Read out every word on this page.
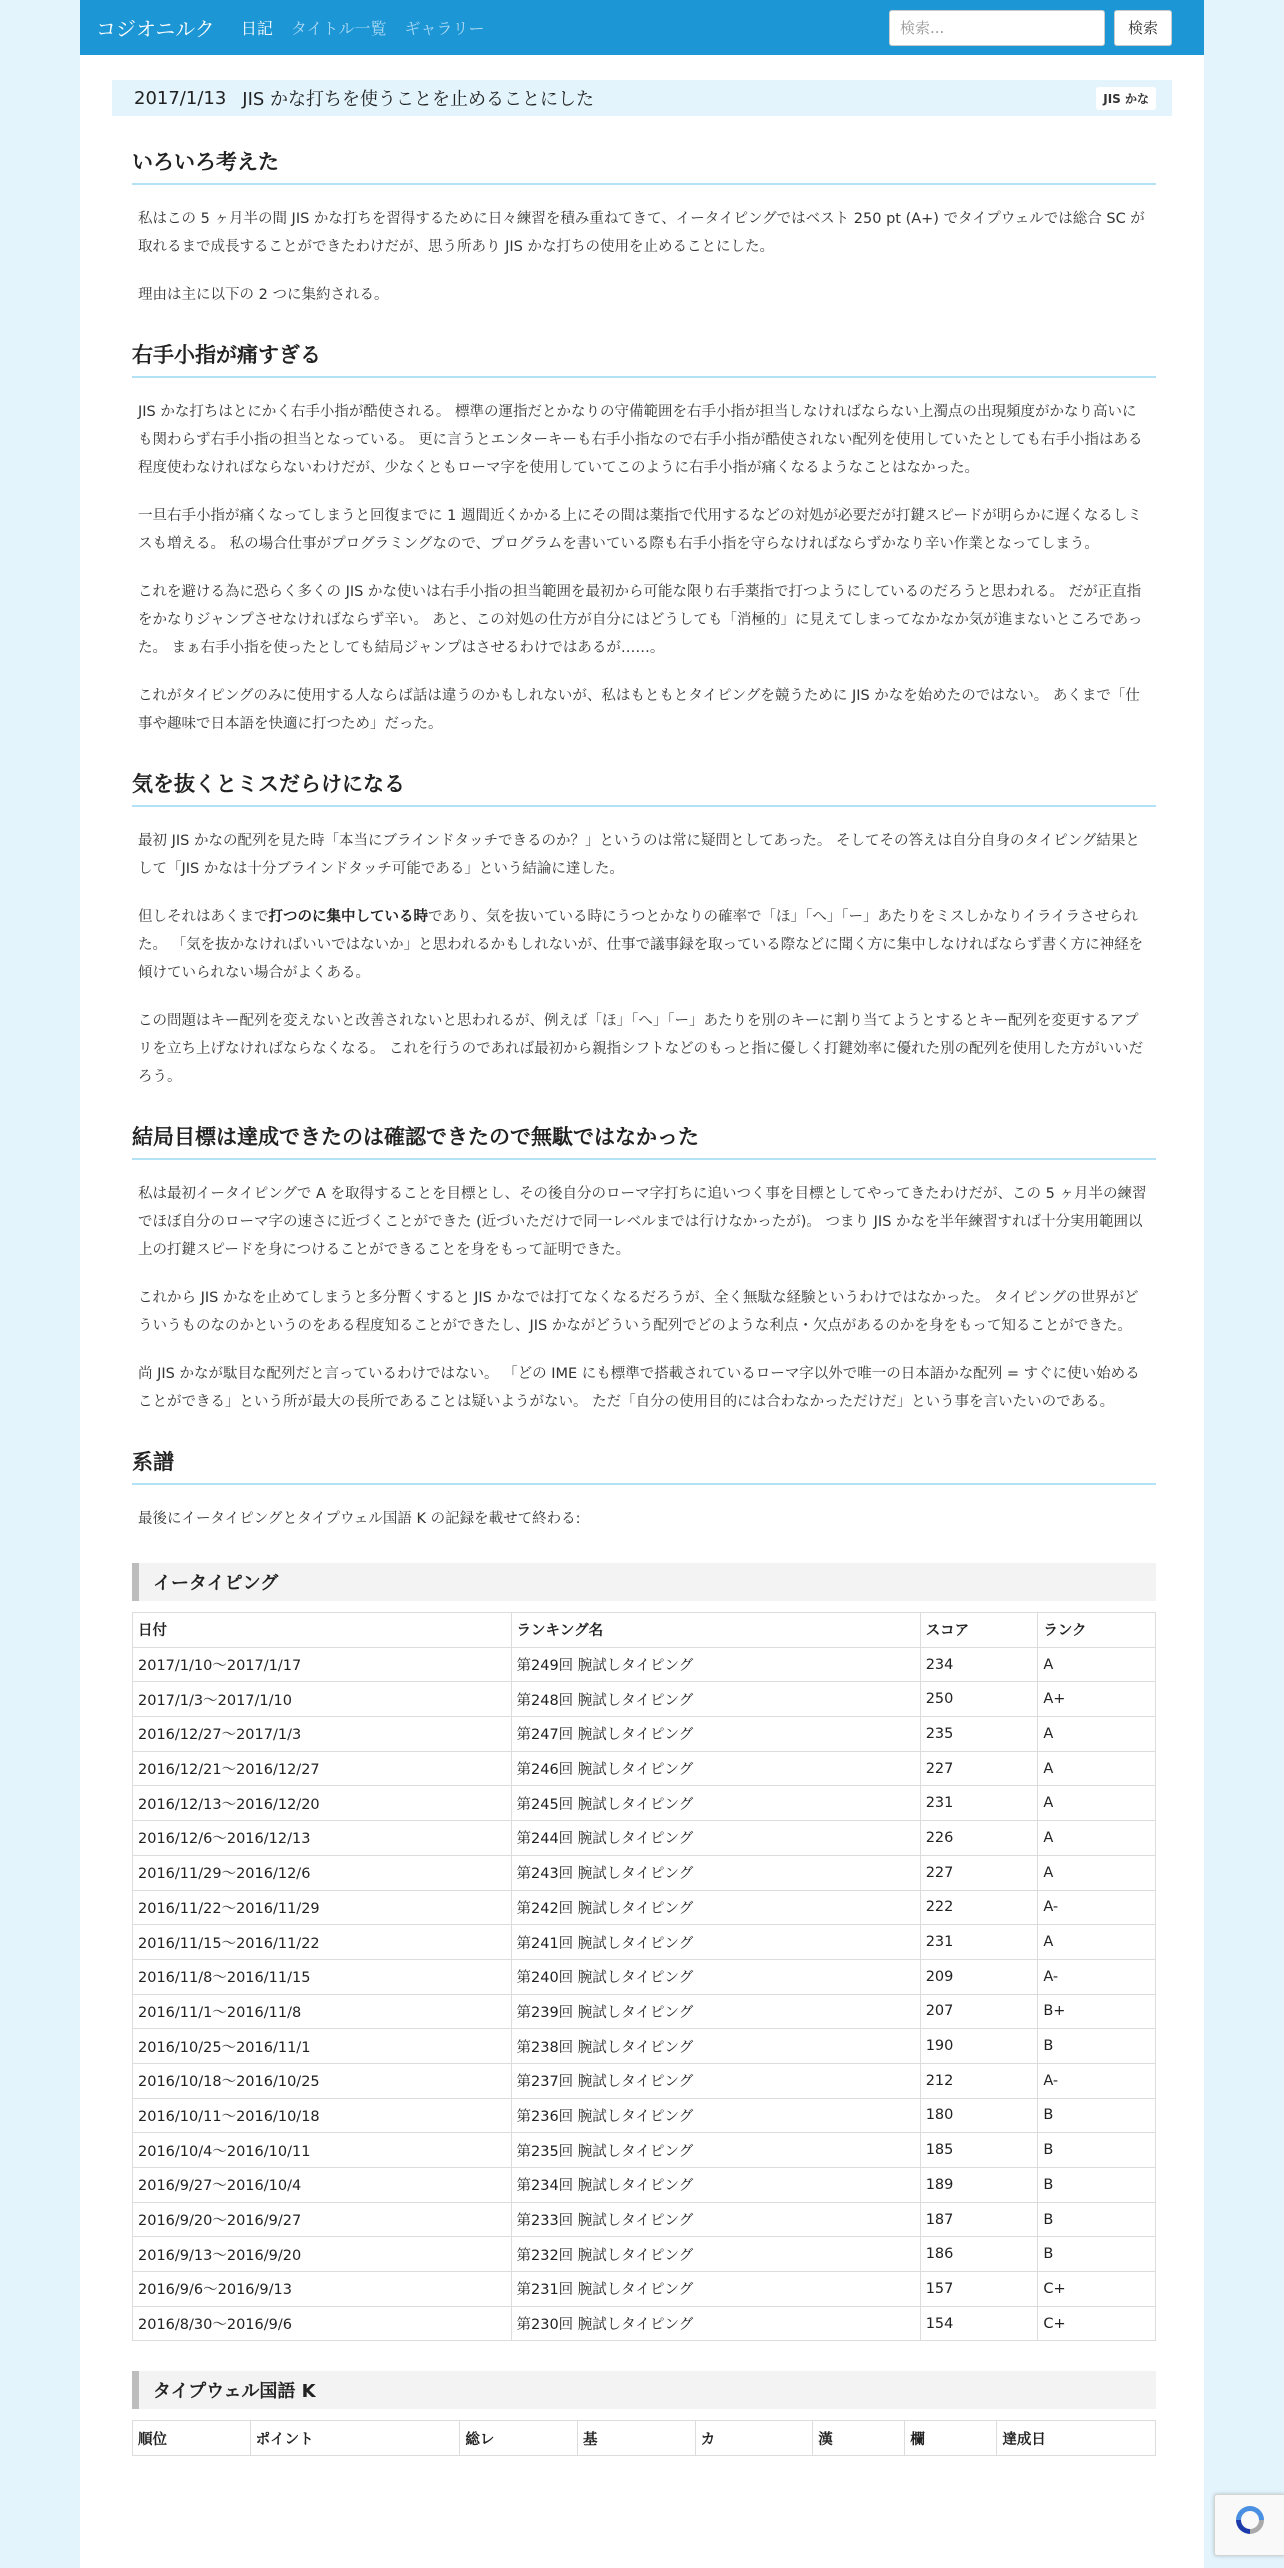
コジオニルク 日記 タイトル一覧 ギャラリー
検索...	検索
2017/1/13 JIS かな打ちを使うことを止めることにした	JIS かな
いろいろ考えた

私はこの 5 ヶ月半の間 JIS かな打ちを習得するために日々練習を積み重ねてきて、イータイピングではベスト 250 pt (A+) でタイプウェルでは総合 SC が取れるまで成長することができたわけだが、思う所あり JIS かな打ちの使用を止めることにした。

理由は主に以下の 2 つに集約される。

右手小指が痛すぎる

JIS かな打ちはとにかく右手小指が酷使される。 標準の運指だとかなりの守備範囲を右手小指が担当しなければならない上濁点の出現頻度がかなり高いにも関わらず右手小指の担当となっている。 更に言うとエンターキーも右手小指なので右手小指が酷使されない配列を使用していたとしても右手小指はある程度使わなければならないわけだが、少なくともローマ字を使用していてこのように右手小指が痛くなるようなことはなかった。

一旦右手小指が痛くなってしまうと回復までに 1 週間近くかかる上にその間は薬指で代用するなどの対処が必要だが打鍵スピードが明らかに遅くなるしミスも増える。 私の場合仕事がプログラミングなので、プログラムを書いている際も右手小指を守らなければならずかなり辛い作業となってしまう。

これを避ける為に恐らく多くの JIS かな使いは右手小指の担当範囲を最初から可能な限り右手薬指で打つようにしているのだろうと思われる。 だが正直指をかなりジャンプさせなければならず辛い。 あと、この対処の仕方が自分にはどうしても「消極的」に見えてしまってなかなか気が進まないところであった。 まぁ右手小指を使ったとしても結局ジャンプはさせるわけではあるが……。

これがタイピングのみに使用する人ならば話は違うのかもしれないが、私はもともとタイピングを競うために JIS かなを始めたのではない。 あくまで「仕事や趣味で日本語を快適に打つため」だった。

気を抜くとミスだらけになる

最初 JIS かなの配列を見た時「本当にブラインドタッチできるのか？」というのは常に疑問としてあった。 そしてその答えは自分自身のタイピング結果として「JIS かなは十分ブラインドタッチ可能である」という結論に達した。

但しそれはあくまで打つのに集中している時であり、気を抜いている時にうつとかなりの確率で「ほ」「へ」「ー」あたりをミスしかなりイライラさせられた。 「気を抜かなければいいではないか」と思われるかもしれないが、仕事で議事録を取っている際などに聞く方に集中しなければならず書く方に神経を傾けていられない場合がよくある。

この問題はキー配列を変えないと改善されないと思われるが、例えば「ほ」「へ」「ー」あたりを別のキーに割り当てようとするとキー配列を変更するアプリを立ち上げなければならなくなる。 これを行うのであれば最初から親指シフトなどのもっと指に優しく打鍵効率に優れた別の配列を使用した方がいいだろう。

結局目標は達成できたのは確認できたので無駄ではなかった

私は最初イータイピングで A を取得することを目標とし、その後自分のローマ字打ちに追いつく事を目標としてやってきたわけだが、この 5 ヶ月半の練習でほぼ自分のローマ字の速さに近づくことができた (近づいただけで同一レベルまでは行けなかったが)。 つまり JIS かなを半年練習すれば十分実用範囲以上の打鍵スピードを身につけることができることを身をもって証明できた。

これから JIS かなを止めてしまうと多分暫くすると JIS かなでは打てなくなるだろうが、全く無駄な経験というわけではなかった。 タイピングの世界がどういうものなのかというのをある程度知ることができたし、JIS かながどういう配列でどのような利点・欠点があるのかを身をもって知ることができた。

尚 JIS かなが駄目な配列だと言っているわけではない。 「どの IME にも標準で搭載されているローマ字以外で唯一の日本語かな配列 = すぐに使い始めることができる」という所が最大の長所であることは疑いようがない。 ただ「自分の使用目的には合わなかっただけだ」という事を言いたいのである。

系譜

最後にイータイピングとタイプウェル国語 K の記録を載せて終わる:

イータイピング
日付	ランキング名	スコア	ランク
2017/1/10～2017/1/17	第249回 腕試しタイピング	234	A
2017/1/3～2017/1/10	第248回 腕試しタイピング	250	A+
2016/12/27～2017/1/3	第247回 腕試しタイピング	235	A
2016/12/21～2016/12/27	第246回 腕試しタイピング	227	A
2016/12/13～2016/12/20	第245回 腕試しタイピング	231	A
2016/12/6～2016/12/13	第244回 腕試しタイピング	226	A
2016/11/29～2016/12/6	第243回 腕試しタイピング	227	A
2016/11/22～2016/11/29	第242回 腕試しタイピング	222	A-
2016/11/15～2016/11/22	第241回 腕試しタイピング	231	A
2016/11/8～2016/11/15	第240回 腕試しタイピング	209	A-
2016/11/1～2016/11/8	第239回 腕試しタイピング	207	B+
2016/10/25～2016/11/1	第238回 腕試しタイピング	190	B
2016/10/18～2016/10/25	第237回 腕試しタイピング	212	A-
2016/10/11～2016/10/18	第236回 腕試しタイピング	180	B
2016/10/4～2016/10/11	第235回 腕試しタイピング	185	B
2016/9/27～2016/10/4	第234回 腕試しタイピング	189	B
2016/9/20～2016/9/27	第233回 腕試しタイピング	187	B
2016/9/13～2016/9/20	第232回 腕試しタイピング	186	B
2016/9/6～2016/9/13	第231回 腕試しタイピング	157	C+
2016/8/30～2016/9/6	第230回 腕試しタイピング	154	C+
タイプウェル国語 K
順位	ポイント	総レ	基	カ	漢	欄	達成日
